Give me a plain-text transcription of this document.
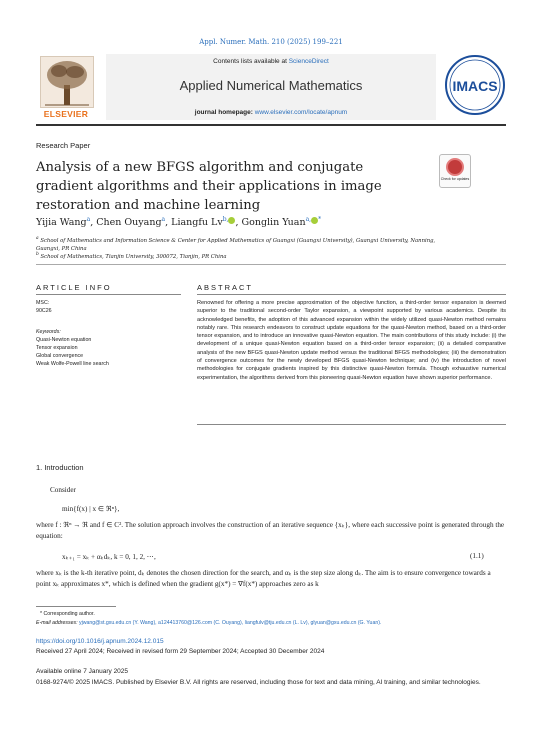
Appl. Numer. Math. 210 (2025) 199–221
ELSEVIER
Contents lists available at ScienceDirect
Applied Numerical Mathematics
journal homepage: www.elsevier.com/locate/apnum
IMACS
Research Paper
Analysis of a new BFGS algorithm and conjugate gradient algorithms and their applications in image restoration and machine learning
Check for updates
Yijia Wang$^a$, Chen Ouyang$^a$, Liangfu $Lv^{b,}$ , Gonglin Yuan$^{a,}$ *
$^a$ School of Mathematics and Information Science & Center for Applied Mathematics of Guangxi (Guangxi University), Guangxi University, Nanning, Guangxi, PR China
$^b$ School of Mathematics, Tianjin University, 300072, Tianjin, PR China
ARTICLE INFO	ABSTRACT
MSC:
90C26
Keywords:
Quasi-Newton equation
Tensor expansion
Global convergence
Weak Wolfe-Powell line search
Renowned for offering a more precise approximation of the objective function, a third-order tensor expansion is deemed superior to the traditional second-order Taylor expansion, a viewpoint supported by various academics. Despite its acknowledged benefits, the adoption of this advanced expansion within the widely utilized quasi-Newton method remains notably rare. This research endeavors to construct update equations for the quasi-Newton method, based on a third-order tensor expansion, and to introduce an innovative quasi-Newton equation. The main contributions of this study include: (i) the development of a unique quasi-Newton equation based on a third-order tensor expansion; (ii) a detailed comparative analysis of the new BFGS quasi-Newton update method versus the traditional BFGS methodologies; (iii) the demonstration of convergence outcomes for the newly developed BFGS quasi-Newton technique; and (iv) the introduction of novel methodologies for conjugate gradients inspired by this distinctive quasi-Newton formula. Though exhaustive numerical experimentation, the algorithms derived from this pioneering quasi-Newton equation have shown superior performance.
1. Introduction
Consider
min{f(x) | x ∈ ℜⁿ},
where f : ℜⁿ → ℜ and f ∈ C². The solution approach involves the construction of an iterative sequence {xₖ}, where each successive point is generated through the equation:
xₖ₊₁ = xₖ + αₖdₖ, k = 0, 1, 2, ⋯,	(1.1)
where xₖ is the k-th iterative point, dₖ denotes the chosen direction for the search, and αₖ is the step size along dₖ. The aim is to ensure convergence towards a point xₖ approximates x*, which is defined when the gradient g(x*) = ∇f(x*) approaches zero as k
* Corresponding author.
E-mail addresses: yjwang@st.gxu.edu.cn (Y. Wang), a124413760@126.com (C. Ouyang), liangfulv@tju.edu.cn (L. Lv), glyuan@gxu.edu.cn (G. Yuan).
https://doi.org/10.1016/j.apnum.2024.12.015
Received 27 April 2024; Received in revised form 29 September 2024; Accepted 30 December 2024
Available online 7 January 2025
0168-9274/© 2025 IMACS. Published by Elsevier B.V. All rights are reserved, including those for text and data mining, AI training, and similar technologies.
